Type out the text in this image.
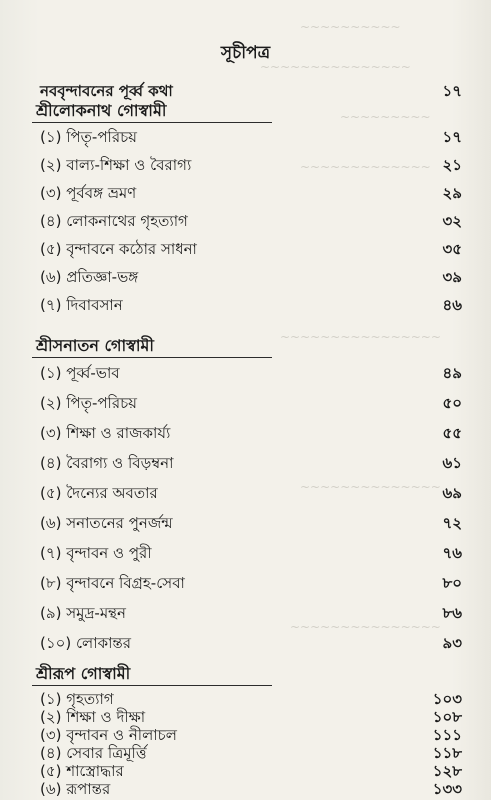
~~~~~~~~~~
~~~~~~~~~~~~~~~
~~~~~~~~~
~~~~~~~~~~~~~
~~~~~~~~~~~~~~~~
~~~~~~~~~~~~~~
~~~~~~~~~~~~~~~
সূচীপত্র
নববৃন্দাবনের পূর্ব্ব কথা	১৭
শ্রীলোকনাথ গোস্বামী
(১) পিতৃ-পরিচয়	১৭
(২) বাল্য-শিক্ষা ও বৈরাগ্য	২১
(৩) পূর্ববঙ্গ ভ্রমণ	২৯
(৪) লোকনাথের গৃহত্যাগ	৩২
(৫) বৃন্দাবনে কঠোর সাধনা	৩৫
(৬) প্রতিজ্ঞা-ভঙ্গ	৩৯
(৭) দিবাবসান	৪৬
শ্রীসনাতন গোস্বামী
(১) পূর্ব্ব-ভাব	৪৯
(২) পিতৃ-পরিচয়	৫০
(৩) শিক্ষা ও রাজকার্য্য	৫৫
(৪) বৈরাগ্য ও বিড়ম্বনা	৬১
(৫) দৈন্যের অবতার	৬৯
(৬) সনাতনের পুনর্জন্ম	৭২
(৭) বৃন্দাবন ও পুরী	৭৬
(৮) বৃন্দাবনে বিগ্রহ-সেবা	৮০
(৯) সমুদ্র-মন্থন	৮৬
(১০) লোকান্তর	৯৩
শ্রীরূপ গোস্বামী
(১) গৃহত্যাগ	১০৩
(২) শিক্ষা ও দীক্ষা	১০৮
(৩) বৃন্দাবন ও নীলাচল	১১১
(৪) সেবার ত্রিমূর্ত্তি	১১৮
(৫) শাস্ত্রোদ্ধার	১২৮
(৬) রূপান্তর	১৩৩
